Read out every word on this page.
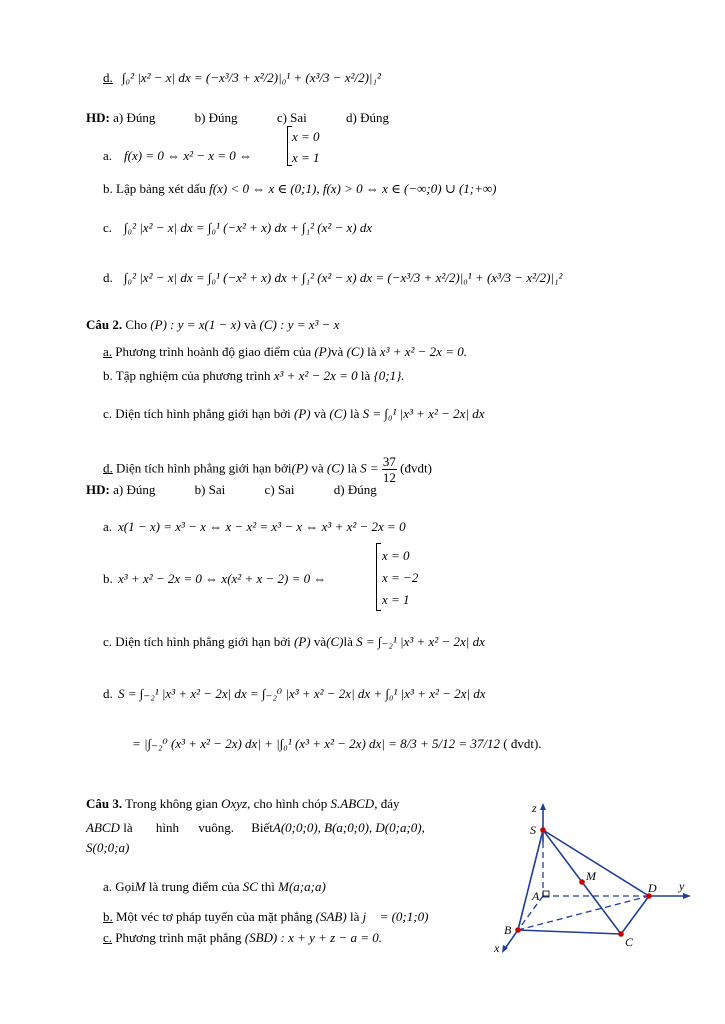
d. ∫₀² |x² − x| dx = (−x³/3 + x²/2)|₀¹ + (x³/3 − x²/2)|₁²
HD: a) Đúng	b) Đúng	c) Sai	d) Đúng
a. f(x) = 0 ⇔ x² − x = 0 ⇔
x = 0
x = 1
b. Lập bảng xét dấu f(x) < 0 ⇔ x ∈ (0;1), f(x) > 0 ⇔ x ∈ (−∞;0) ∪ (1;+∞)
c. ∫₀² |x² − x| dx = ∫₀¹ (−x² + x) dx + ∫₁² (x² − x) dx
d. ∫₀² |x² − x| dx = ∫₀¹ (−x² + x) dx + ∫₁² (x² − x) dx = (−x³/3 + x²/2)|₀¹ + (x³/3 − x²/2)|₁²
Câu 2. Cho (P) : y = x(1 − x) và (C) : y = x³ − x
a. Phương trình hoành độ giao điểm của (P)và (C) là x³ + x² − 2x = 0.
b. Tập nghiệm của phương trình x³ + x² − 2x = 0 là {0;1}.
c. Diện tích hình phẳng giới hạn bởi (P) và (C) là S = ∫₀¹ |x³ + x² − 2x| dx
d. Diện tích hình phẳng giới hạn bởi(P) và (C) là $S = \frac{37}{12}$ (đvdt)
HD: a) Đúng	b) Sai	c) Sai	d) Đúng
a. x(1 − x) = x³ − x ⇔ x − x² = x³ − x ⇔ x³ + x² − 2x = 0
b. x³ + x² − 2x = 0 ⇔ x(x² + x − 2) = 0 ⇔
x = 0
x = −2
x = 1
c. Diện tích hình phẳng giới hạn bởi (P) và(C)là S = ∫₋₂¹ |x³ + x² − 2x| dx
d. S = ∫₋₂¹ |x³ + x² − 2x| dx = ∫₋₂⁰ |x³ + x² − 2x| dx + ∫₀¹ |x³ + x² − 2x| dx
= |∫₋₂⁰ (x³ + x² − 2x) dx| + |∫₀¹ (x³ + x² − 2x) dx| = 8/3 + 5/12 = 37/12 ( đvdt).
Câu 3. Trong không gian Oxyz, cho hình chóp S.ABCD, đáy
ABCD là hình vuông. BiếtA(0;0;0), B(a;0;0), D(0;a;0),
S(0;0;a)
a. GọiM là trung điểm của SC thì M(a;a;a)
b. Một véc tơ pháp tuyến của mặt phẳng (SAB) là j⃗ = (0;1;0)
c. Phương trình mặt phẳng (SBD) : x + y + z − a = 0.
z
S
M
A
D y
B
C
x
